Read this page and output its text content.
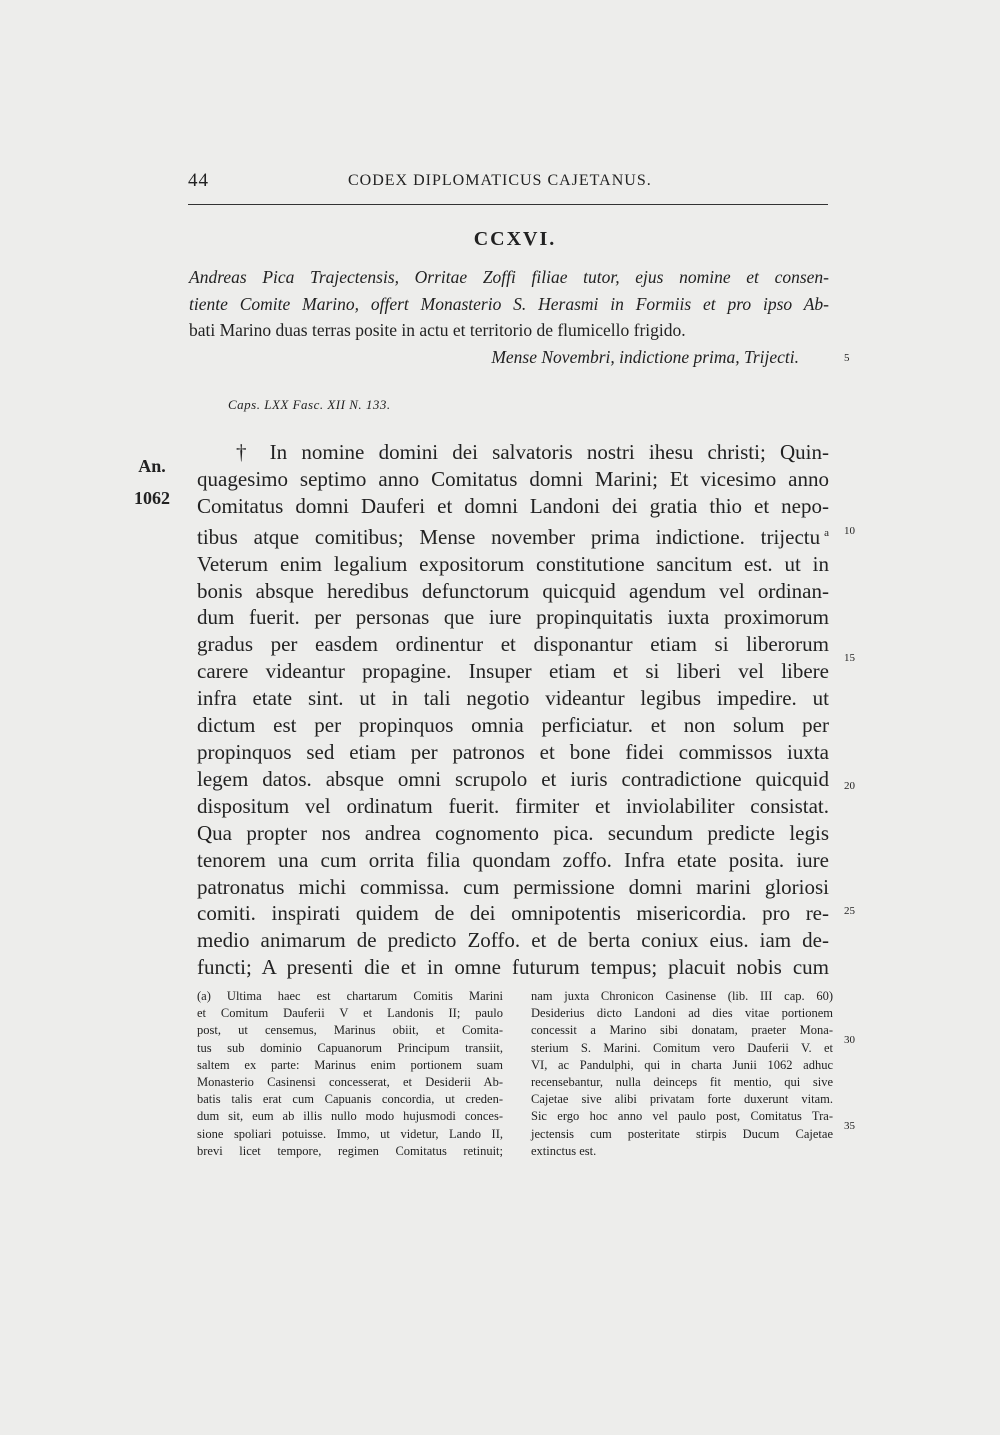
44	CODEX DIPLOMATICUS CAJETANUS.
CCXVI.
Andreas Pica Trajectensis, Orritae Zoffi filiae tutor, ejus nomine et consen-
tiente Comite Marino, offert Monasterio S. Herasmi in Formiis et pro ipso Ab-
bati Marino duas terras posite in actu et territorio de flumicello frigido.
Mense Novembri, indictione prima, Trijecti.
Caps. LXX Fasc. XII N. 133.
An.
1062
† In nomine domini dei salvatoris nostri ihesu christi; Quin-
quagesimo septimo anno Comitatus domni Marini; Et vicesimo anno
Comitatus domni Dauferi et domni Landoni dei gratia thio et nepo-
tibus atque comitibus; Mense november prima indictione. trijectu $^a$
Veterum enim legalium expositorum constitutione sancitum est. ut in
bonis absque heredibus defunctorum quicquid agendum vel ordinan-
dum fuerit. per personas que iure propinquitatis iuxta proximorum
gradus per easdem ordinentur et disponantur etiam si liberorum
carere videantur propagine. Insuper etiam et si liberi vel libere
infra etate sint. ut in tali negotio videantur legibus impedire. ut
dictum est per propinquos omnia perficiatur. et non solum per
propinquos sed etiam per patronos et bone fidei commissos iuxta
legem datos. absque omni scrupolo et iuris contradictione quicquid
dispositum vel ordinatum fuerit. firmiter et inviolabiliter consistat.
Qua propter nos andrea cognomento pica. secundum predicte legis
tenorem una cum orrita filia quondam zoffo. Infra etate posita. iure
patronatus michi commissa. cum permissione domni marini gloriosi
comiti. inspirati quidem de dei omnipotentis misericordia. pro re-
medio animarum de predicto Zoffo. et de berta coniux eius. iam de-
functi; A presenti die et in omne futurum tempus; placuit nobis cum
5
10
15
20
25
30
35
(a) Ultima haec est chartarum Comitis Marini
et Comitum Dauferii V et Landonis II; paulo
post, ut censemus, Marinus obiit, et Comita-
tus sub dominio Capuanorum Principum transiit,
saltem ex parte: Marinus enim portionem suam
Monasterio Casinensi concesserat, et Desiderii Ab-
batis talis erat cum Capuanis concordia, ut creden-
dum sit, eum ab illis nullo modo hujusmodi conces-
sione spoliari potuisse. Immo, ut videtur, Lando II,
brevi licet tempore, regimen Comitatus retinuit;
nam juxta Chronicon Casinense (lib. III cap. 60)
Desiderius dicto Landoni ad dies vitae portionem
concessit a Marino sibi donatam, praeter Mona-
sterium S. Marini. Comitum vero Dauferii V. et
VI, ac Pandulphi, qui in charta Junii 1062 adhuc
recensebantur, nulla deinceps fit mentio, qui sive
Cajetae sive alibi privatam forte duxerunt vitam.
Sic ergo hoc anno vel paulo post, Comitatus Tra-
jectensis cum posteritate stirpis Ducum Cajetae
extinctus est.
